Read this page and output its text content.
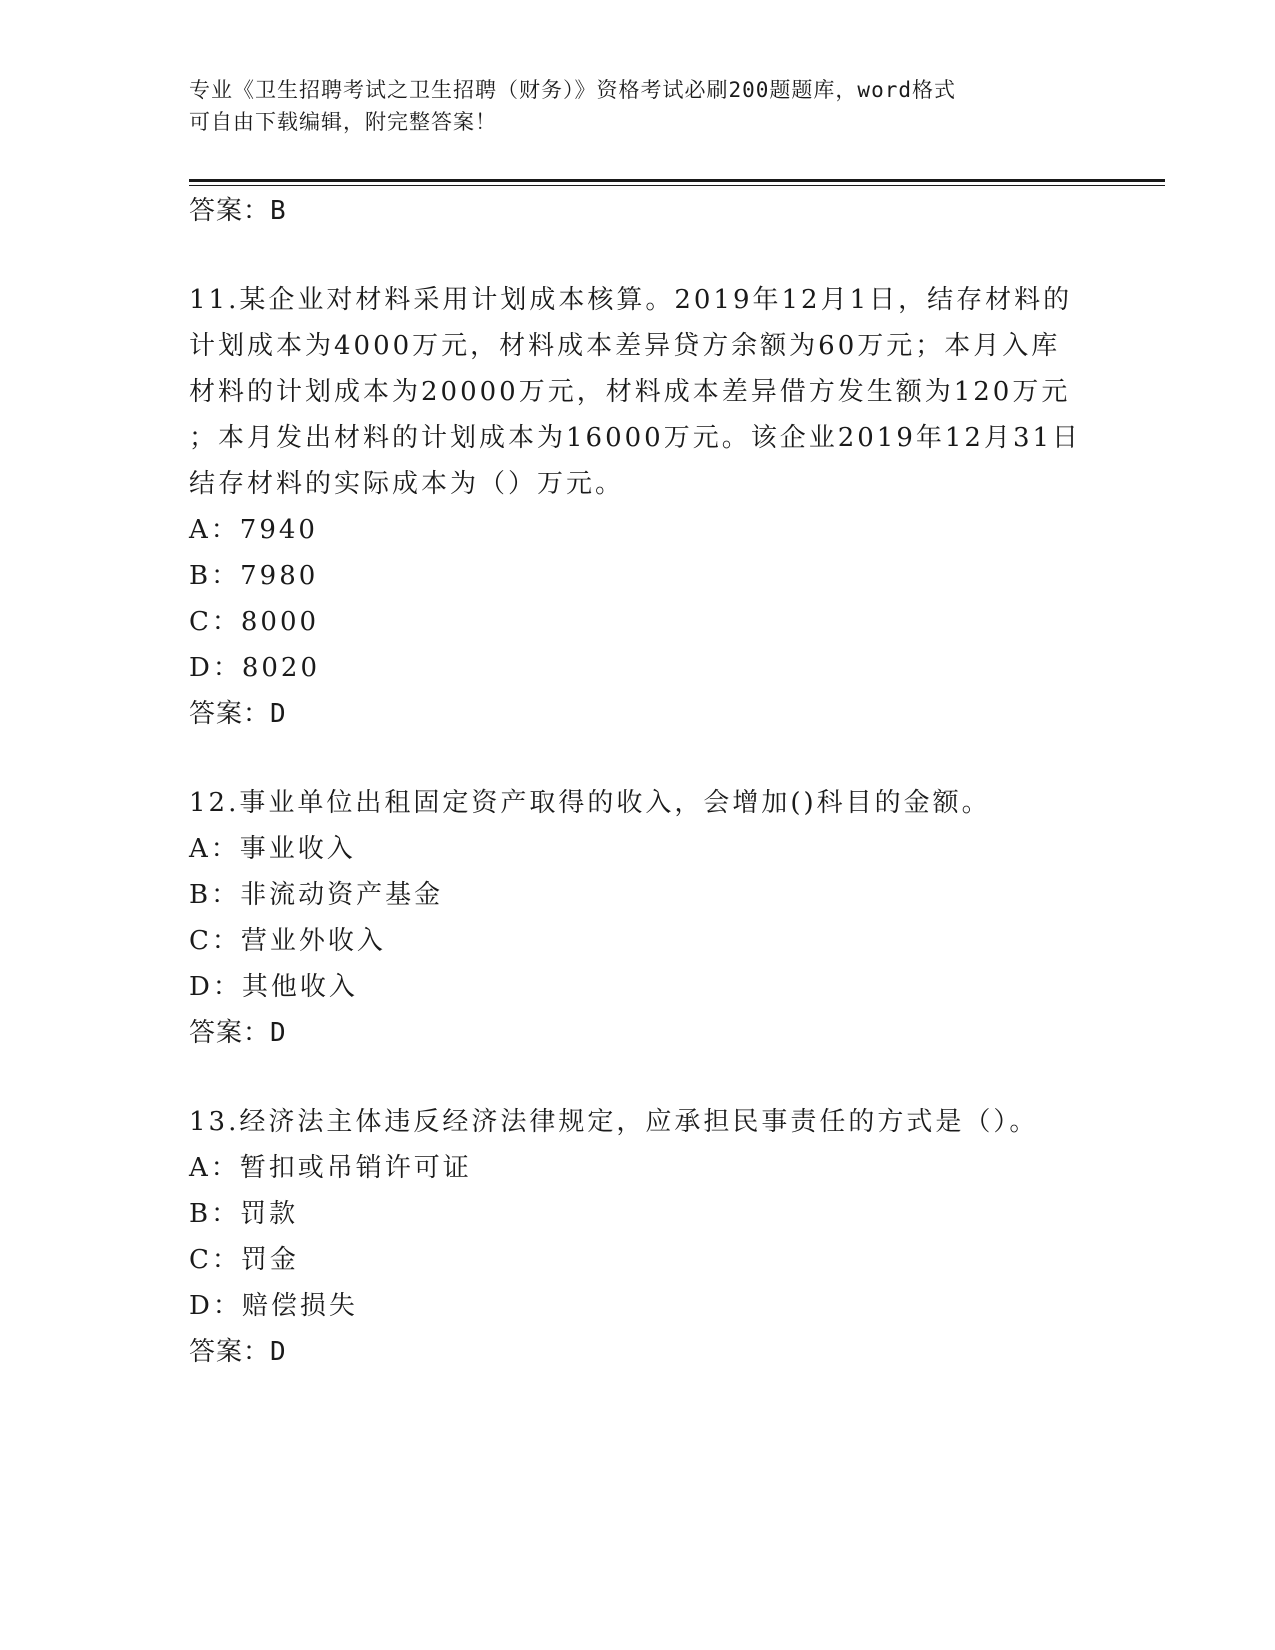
专业《卫生招聘考试之卫生招聘（财务）》资格考试必刷200题题库，word格式
可自由下载编辑，附完整答案！
答案：B
11.某企业对材料采用计划成本核算。2019年12月1日，结存材料的
计划成本为4000万元，材料成本差异贷方余额为60万元；本月入库
材料的计划成本为20000万元，材料成本差异借方发生额为120万元
；本月发出材料的计划成本为16000万元。该企业2019年12月31日
结存材料的实际成本为（）万元。
A：7940
B：7980
C：8000
D：8020
答案：D
12.事业单位出租固定资产取得的收入，会增加()科目的金额。
A：事业收入
B：非流动资产基金
C：营业外收入
D：其他收入
答案：D
13.经济法主体违反经济法律规定，应承担民事责任的方式是（）。
A：暂扣或吊销许可证
B：罚款
C：罚金
D：赔偿损失
答案：D
